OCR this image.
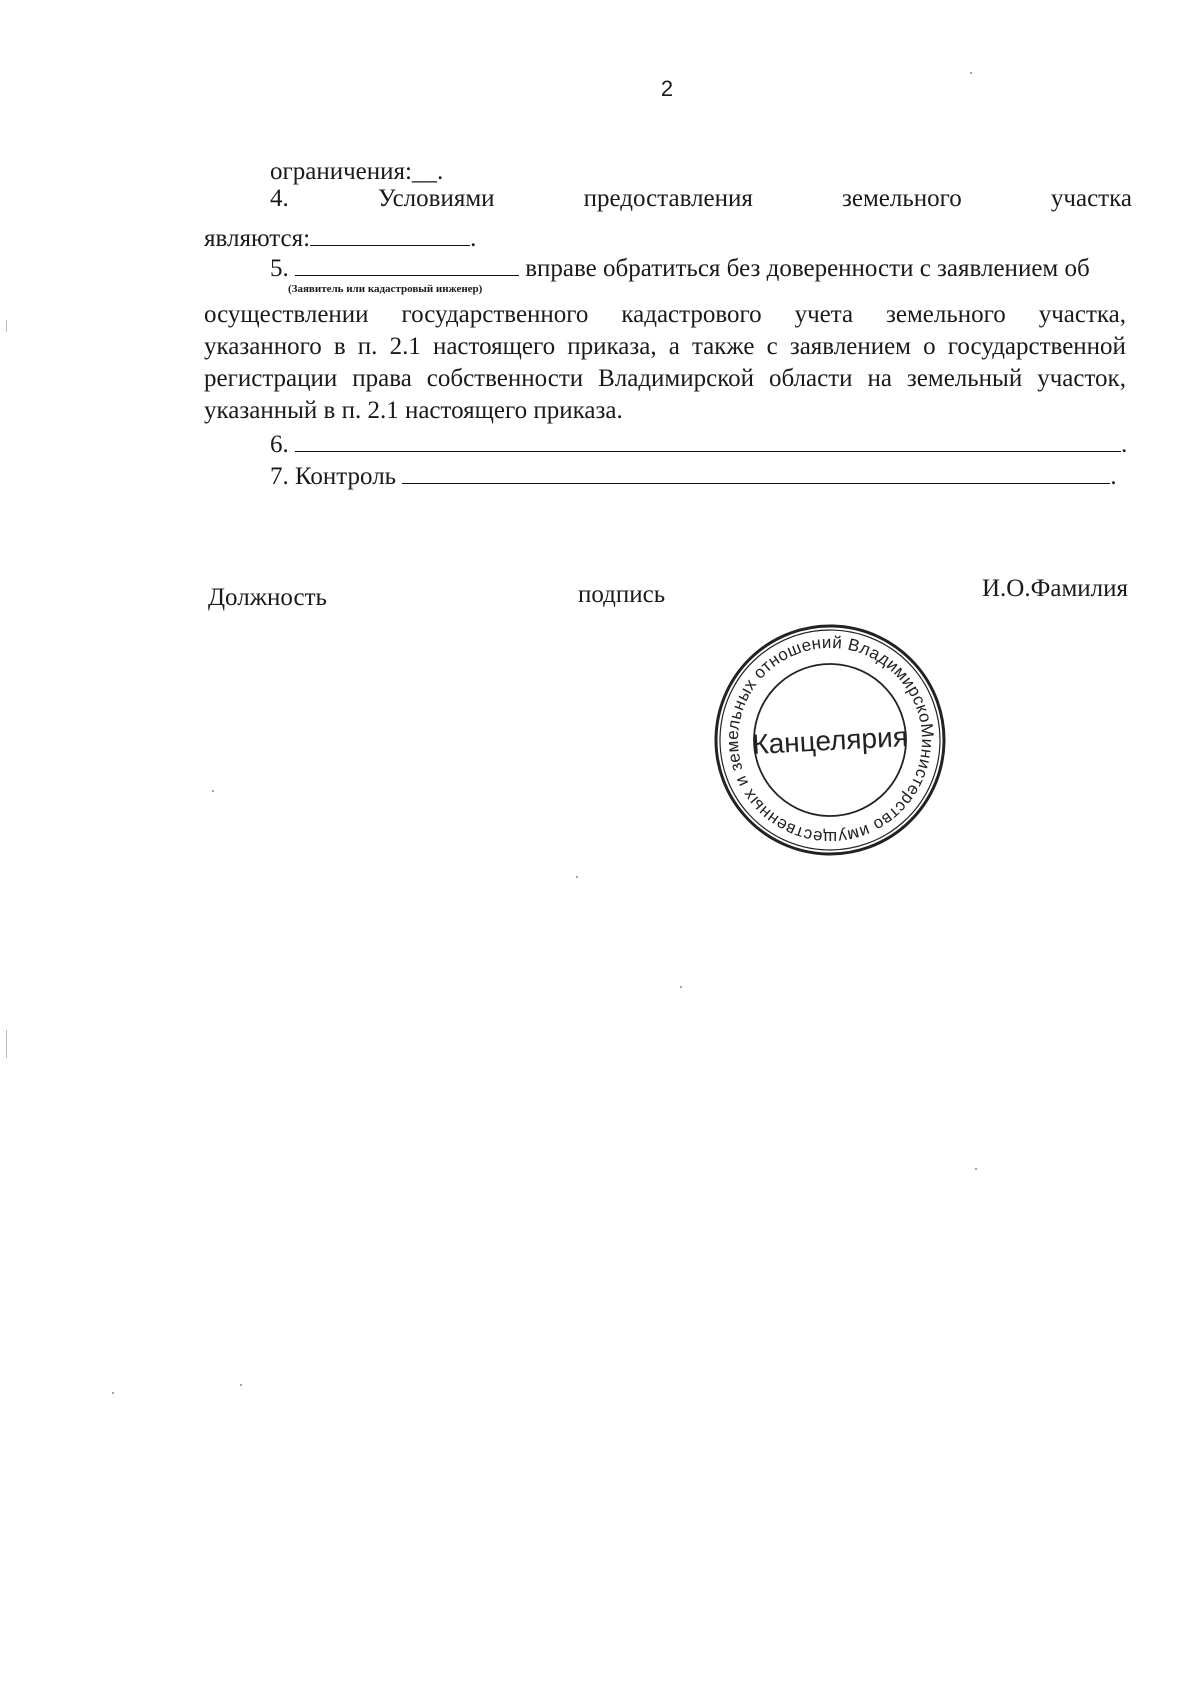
2
ограничения:__.
4.	Условиями	предоставления	земельного	участка
являются:	.
5.	вправе обратиться без доверенности с заявлением об
(Заявитель или кадастровый инженер)
осуществлении государственного кадастрового учета земельного участка,
указанного в п. 2.1 настоящего приказа, а также с заявлением о государственной
регистрации права собственности Владимирской области на земельный участок,
указанный в п. 2.1 настоящего приказа.
6.	.
7. Контроль	.
Должность	подпись	И.О.Фамилия
Министерство имущественных и земельных отношений Владимирской
Канцелярия
